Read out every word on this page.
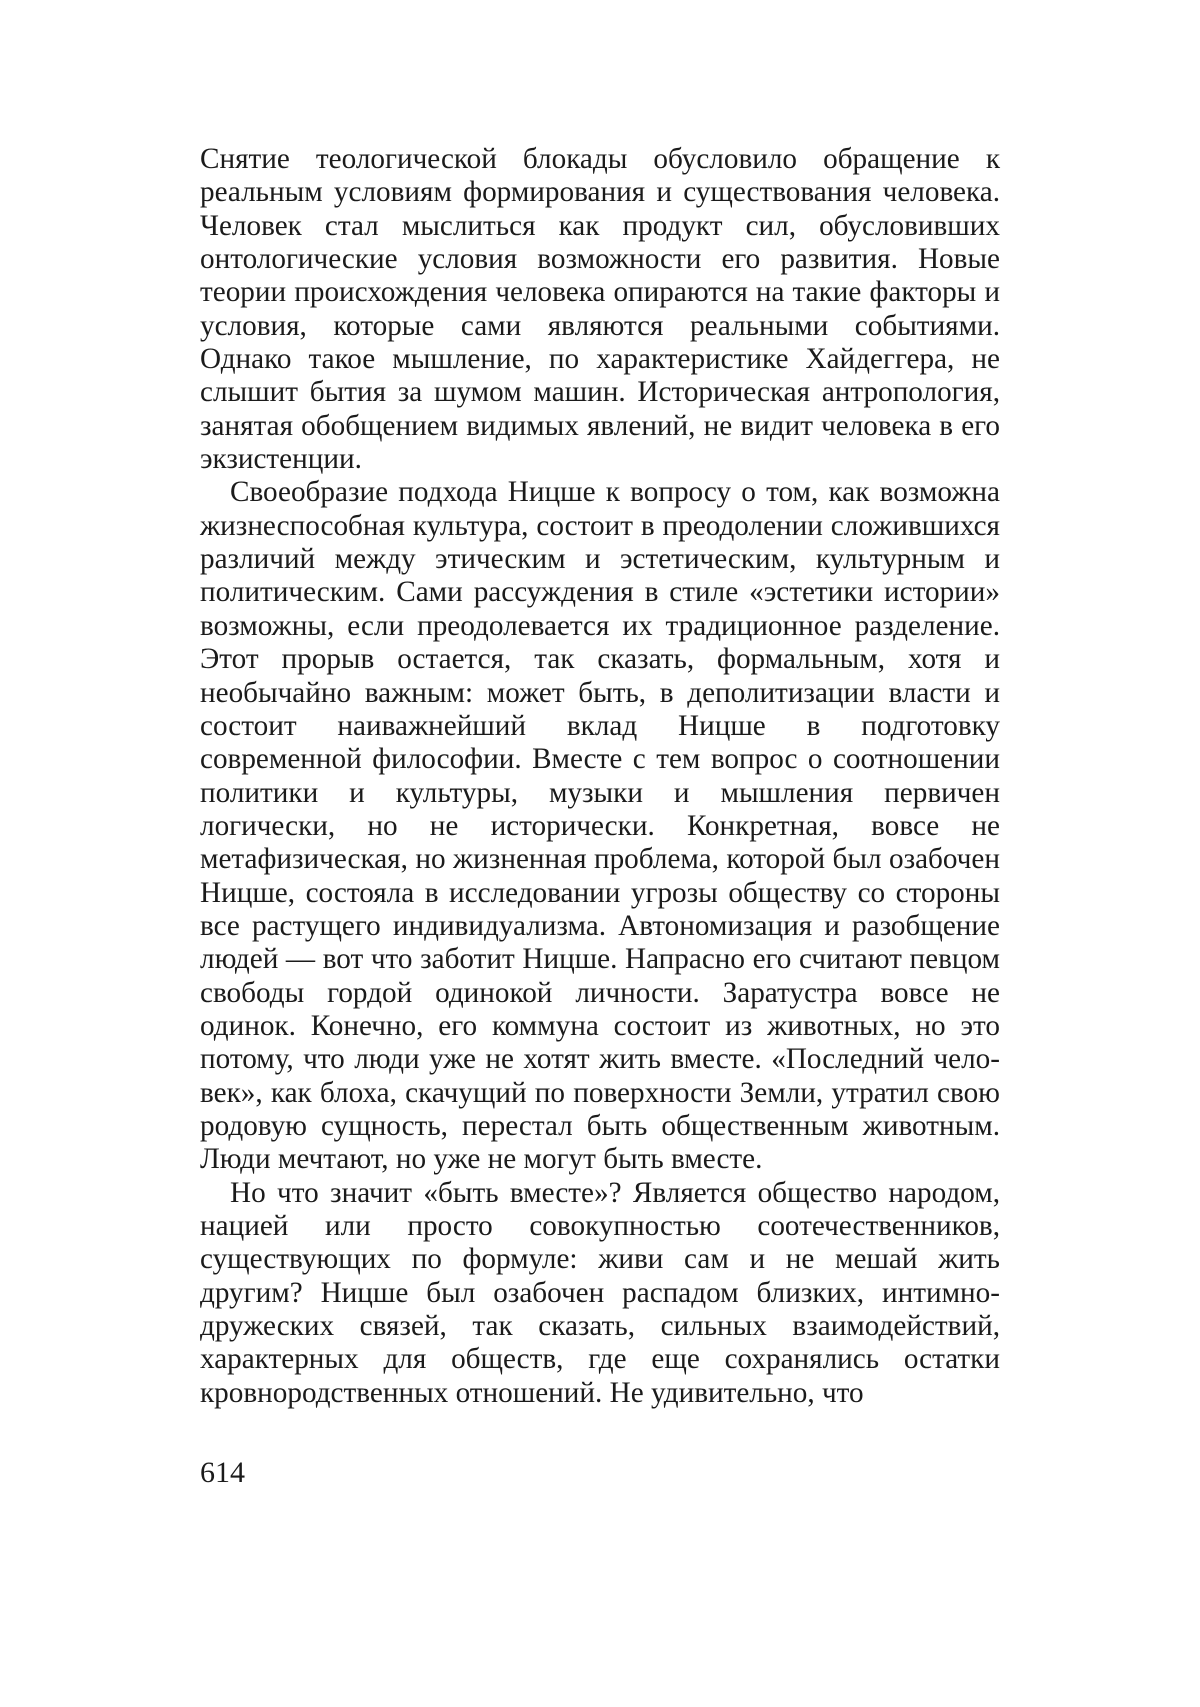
Снятие теологической блокады обусловило обращение к реальным условиям формирования и существования человека. Человек стал мыслиться как продукт сил, обусловивших онтологические условия возможности его развития. Новые теории происхождения человека опираются на такие факторы и условия, которые сами являются реальными событиями. Однако такое мышление, по характеристике Хайдеггера, не слышит бытия за шумом машин. Историческая антропология, занятая обобщением видимых явлений, не видит человека в его экзистенции.

Своеобразие подхода Ницше к вопросу о том, как возможна жизнеспособная культура, состоит в преодолении сложившихся различий между этическим и эстетическим, культурным и политическим. Сами рассуждения в стиле «эстетики истории» возможны, если преодолевается их традиционное разделение. Этот прорыв остается, так сказать, формальным, хотя и необычайно важным: может быть, в деполитизации власти и состоит наиважнейший вклад Ницше в подготовку современной философии. Вместе с тем вопрос о соотношении политики и культуры, музыки и мышления первичен логически, но не исторически. Конкретная, вовсе не метафизическая, но жизненная проблема, которой был озабочен Ницше, состояла в исследовании угрозы обществу со стороны все растущего индивидуализма. Автономизация и разобщение людей — вот что заботит Ницше. Напрасно его считают певцом свободы гордой одинокой личности. Заратустра вовсе не одинок. Конечно, его коммуна состоит из животных, но это потому, что люди уже не хотят жить вместе. «Последний человек», как блоха, скачущий по поверхности Земли, утратил свою родовую сущность, перестал быть общественным животным. Люди мечтают, но уже не могут быть вместе.

Но что значит «быть вместе»? Является общество народом, нацией или просто совокупностью соотечественников, существующих по формуле: живи сам и не мешай жить другим? Ницше был озабочен распадом близких, интимно-дружеских связей, так сказать, сильных взаимодействий, характерных для обществ, где еще сохранялись остатки кровнородственных отношений. Не удивительно, что

614
